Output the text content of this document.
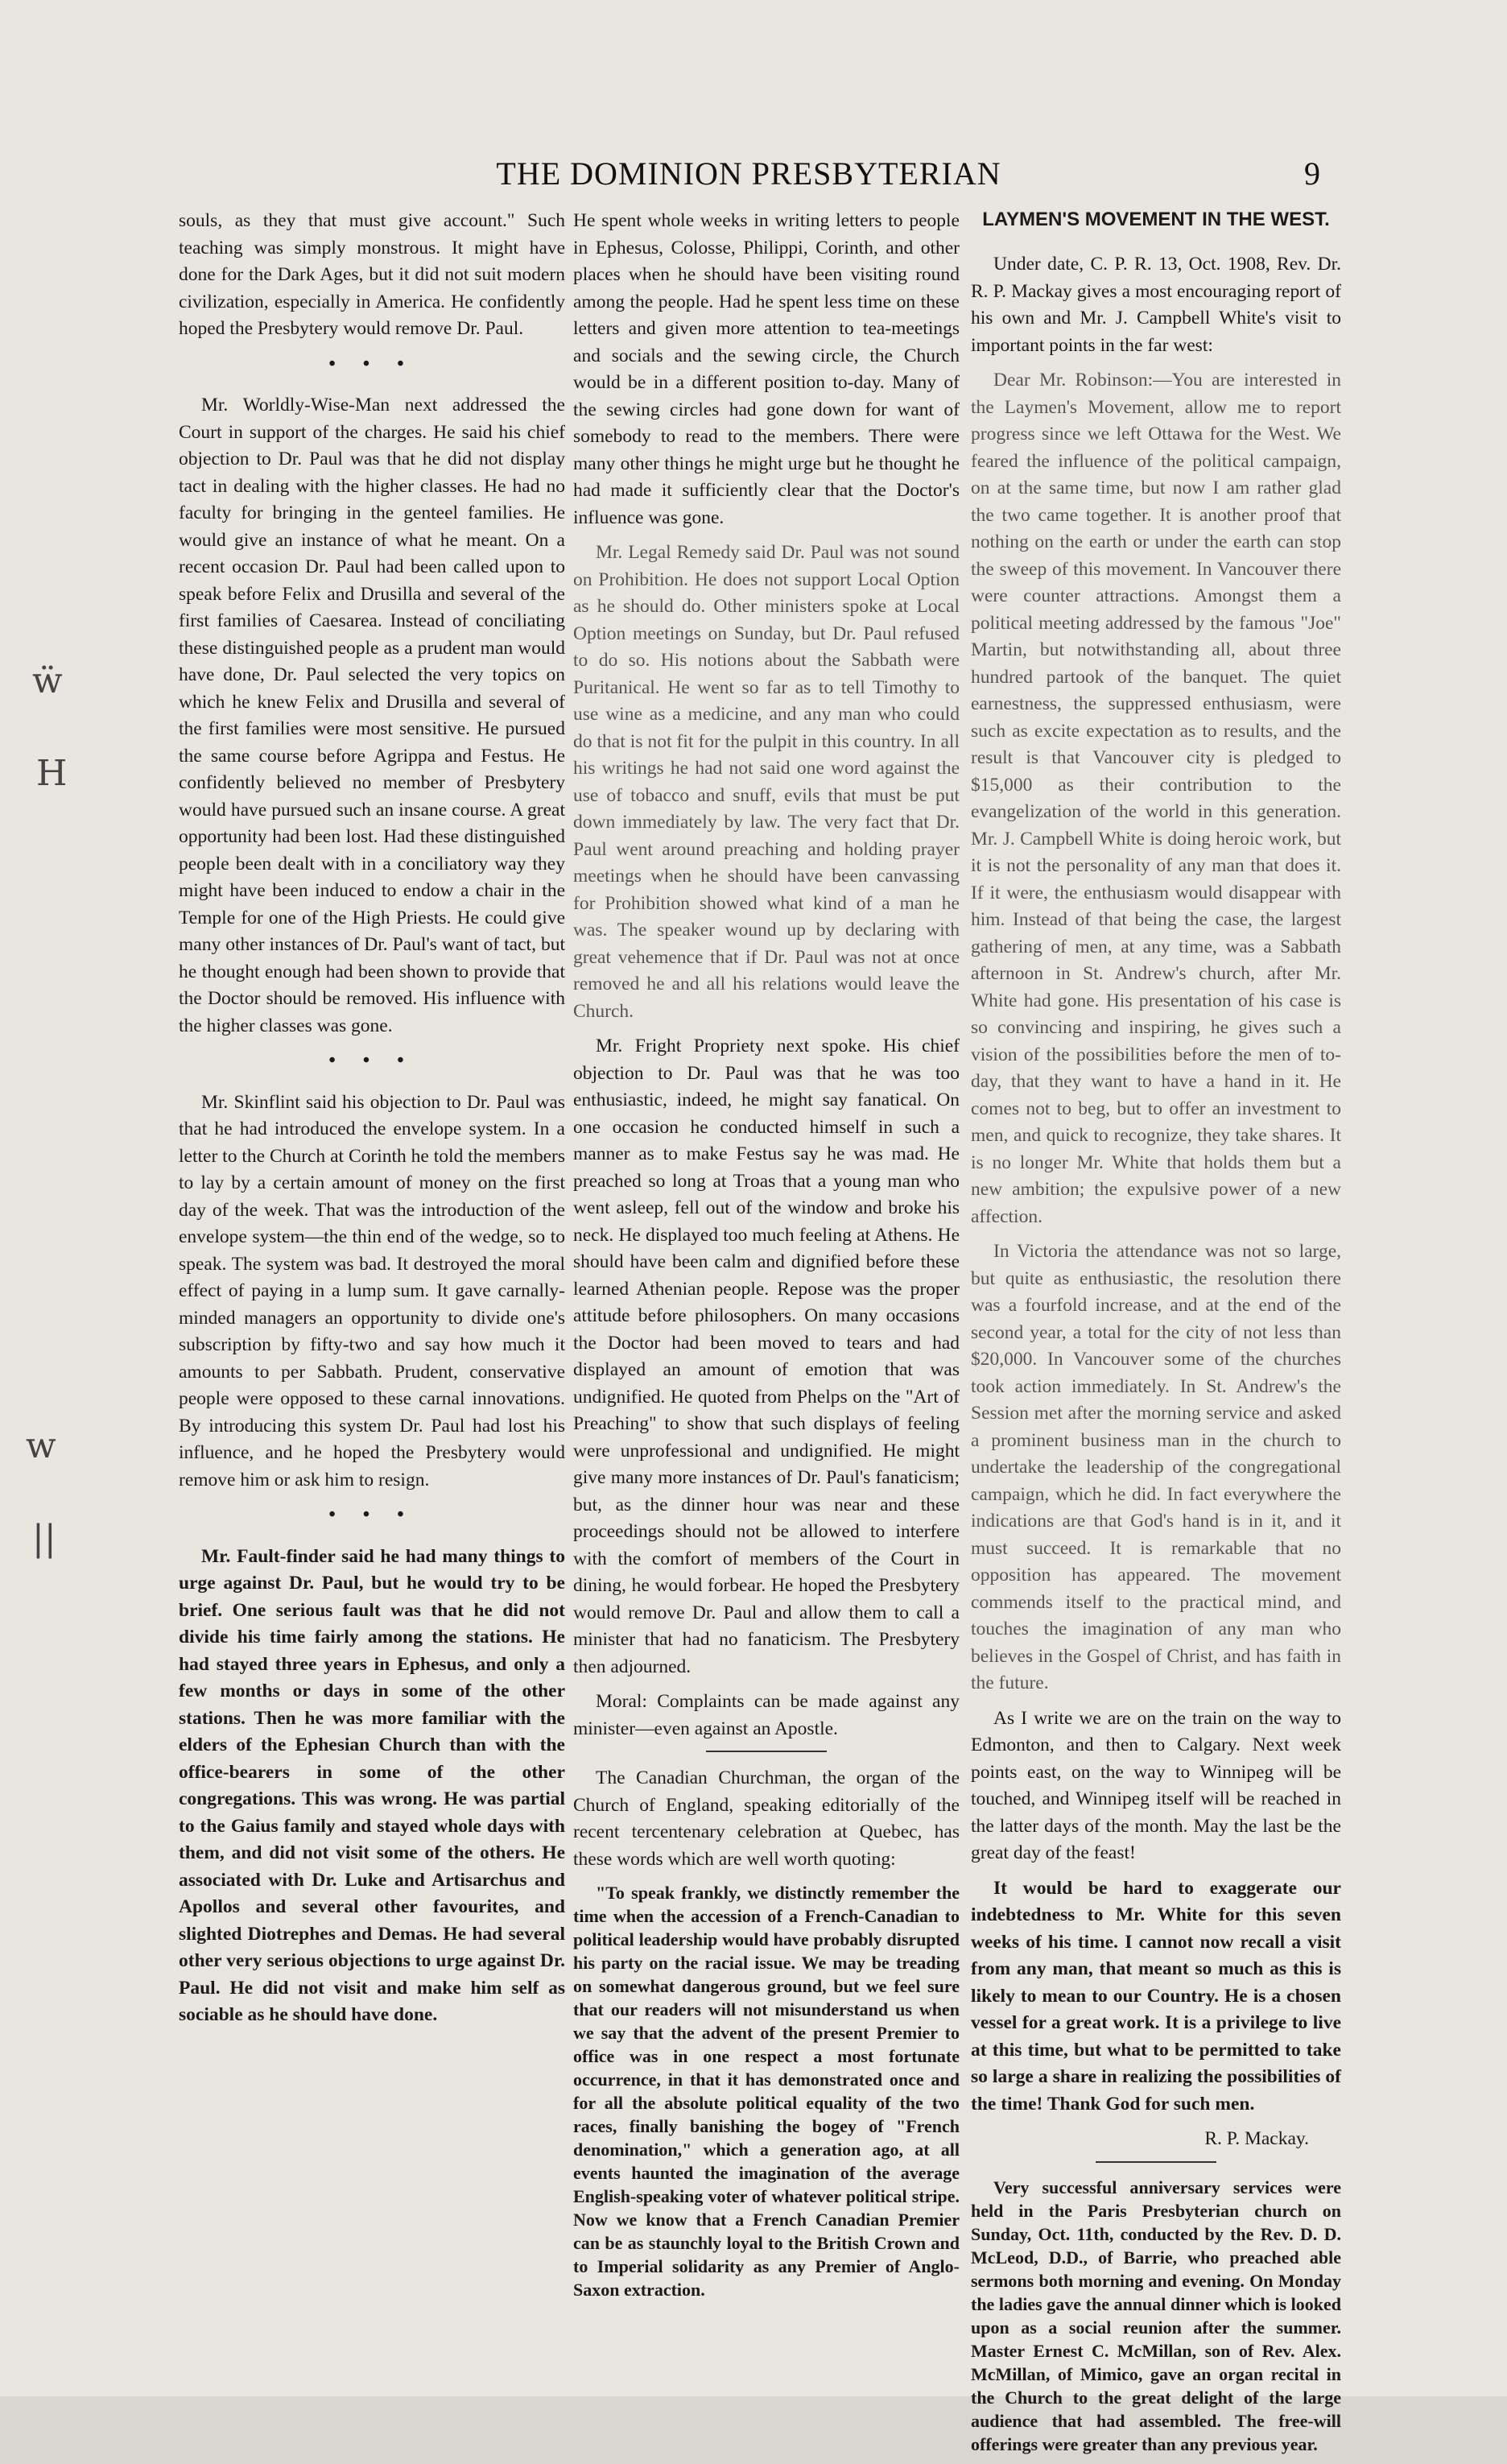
THE DOMINION PRESBYTERIAN	9
ẅ
H
w
||

souls, as they that must give account." Such teaching was simply monstrous. It might have done for the Dark Ages, but it did not suit modern civilization, especially in America. He confidently hoped the Presbytery would remove Dr. Paul.

• • •

Mr. Worldly-Wise-Man next addressed the Court in support of the charges. He said his chief objection to Dr. Paul was that he did not display tact in dealing with the higher classes. He had no faculty for bringing in the genteel families. He would give an instance of what he meant. On a recent occasion Dr. Paul had been called upon to speak before Felix and Drusilla and several of the first families of Caesarea. Instead of conciliating these distinguished people as a prudent man would have done, Dr. Paul selected the very topics on which he knew Felix and Drusilla and several of the first families were most sensitive. He pursued the same course before Agrippa and Festus. He confidently believed no member of Presbytery would have pursued such an insane course. A great opportunity had been lost. Had these distinguished people been dealt with in a conciliatory way they might have been induced to endow a chair in the Temple for one of the High Priests. He could give many other instances of Dr. Paul's want of tact, but he thought enough had been shown to provide that the Doctor should be removed. His influence with the higher classes was gone.

• • •

Mr. Skinflint said his objection to Dr. Paul was that he had introduced the envelope system. In a letter to the Church at Corinth he told the members to lay by a certain amount of money on the first day of the week. That was the introduction of the envelope system—the thin end of the wedge, so to speak. The system was bad. It destroyed the moral effect of paying in a lump sum. It gave carnally-minded managers an opportunity to divide one's subscription by fifty-two and say how much it amounts to per Sabbath. Prudent, conservative people were opposed to these carnal innovations. By introducing this system Dr. Paul had lost his influence, and he hoped the Presbytery would remove him or ask him to resign.

• • •

Mr. Fault-finder said he had many things to urge against Dr. Paul, but he would try to be brief. One serious fault was that he did not divide his time fairly among the stations. He had stayed three years in Ephesus, and only a few months or days in some of the other stations. Then he was more familiar with the elders of the Ephesian Church than with the office-bearers in some of the other congregations. This was wrong. He was partial to the Gaius family and stayed whole days with them, and did not visit some of the others. He associated with Dr. Luke and Artisarchus and Apollos and several other favourites, and slighted Diotrephes and Demas. He had several other very serious objections to urge against Dr. Paul. He did not visit and make him self as sociable as he should have done.

He spent whole weeks in writing letters to people in Ephesus, Colosse, Philippi, Corinth, and other places when he should have been visiting round among the people. Had he spent less time on these letters and given more attention to tea-meetings and socials and the sewing circle, the Church would be in a different position to-day. Many of the sewing circles had gone down for want of somebody to read to the members. There were many other things he might urge but he thought he had made it sufficiently clear that the Doctor's influence was gone.

Mr. Legal Remedy said Dr. Paul was not sound on Prohibition. He does not support Local Option as he should do. Other ministers spoke at Local Option meetings on Sunday, but Dr. Paul refused to do so. His notions about the Sabbath were Puritanical. He went so far as to tell Timothy to use wine as a medicine, and any man who could do that is not fit for the pulpit in this country. In all his writings he had not said one word against the use of tobacco and snuff, evils that must be put down immediately by law. The very fact that Dr. Paul went around preaching and holding prayer meetings when he should have been canvassing for Prohibition showed what kind of a man he was. The speaker wound up by declaring with great vehemence that if Dr. Paul was not at once removed he and all his relations would leave the Church.

Mr. Fright Propriety next spoke. His chief objection to Dr. Paul was that he was too enthusiastic, indeed, he might say fanatical. On one occasion he conducted himself in such a manner as to make Festus say he was mad. He preached so long at Troas that a young man who went asleep, fell out of the window and broke his neck. He displayed too much feeling at Athens. He should have been calm and dignified before these learned Athenian people. Repose was the proper attitude before philosophers. On many occasions the Doctor had been moved to tears and had displayed an amount of emotion that was undignified. He quoted from Phelps on the "Art of Preaching" to show that such displays of feeling were unprofessional and undignified. He might give many more instances of Dr. Paul's fanaticism; but, as the dinner hour was near and these proceedings should not be allowed to interfere with the comfort of members of the Court in dining, he would forbear. He hoped the Presbytery would remove Dr. Paul and allow them to call a minister that had no fanaticism. The Presbytery then adjourned.

Moral: Complaints can be made against any minister—even against an Apostle.

The Canadian Churchman, the organ of the Church of England, speaking editorially of the recent tercentenary celebration at Quebec, has these words which are well worth quoting:

"To speak frankly, we distinctly remember the time when the accession of a French-Canadian to political leadership would have probably disrupted his party on the racial issue. We may be treading on somewhat dangerous ground, but we feel sure that our readers will not misunderstand us when we say that the advent of the present Premier to office was in one respect a most fortunate occurrence, in that it has demonstrated once and for all the absolute political equality of the two races, finally banishing the bogey of "French denomination," which a generation ago, at all events haunted the imagination of the average English-speaking voter of whatever political stripe. Now we know that a French Canadian Premier can be as staunchly loyal to the British Crown and to Imperial solidarity as any Premier of Anglo-Saxon extraction.

LAYMEN'S MOVEMENT IN THE WEST.

Under date, C. P. R. 13, Oct. 1908, Rev. Dr. R. P. Mackay gives a most encouraging report of his own and Mr. J. Campbell White's visit to important points in the far west:

Dear Mr. Robinson:—You are interested in the Laymen's Movement, allow me to report progress since we left Ottawa for the West. We feared the influence of the political campaign, on at the same time, but now I am rather glad the two came together. It is another proof that nothing on the earth or under the earth can stop the sweep of this movement. In Vancouver there were counter attractions. Amongst them a political meeting addressed by the famous "Joe" Martin, but notwithstanding all, about three hundred partook of the banquet. The quiet earnestness, the suppressed enthusiasm, were such as excite expectation as to results, and the result is that Vancouver city is pledged to $15,000 as their contribution to the evangelization of the world in this generation. Mr. J. Campbell White is doing heroic work, but it is not the personality of any man that does it. If it were, the enthusiasm would disappear with him. Instead of that being the case, the largest gathering of men, at any time, was a Sabbath afternoon in St. Andrew's church, after Mr. White had gone. His presentation of his case is so convincing and inspiring, he gives such a vision of the possibilities before the men of to-day, that they want to have a hand in it. He comes not to beg, but to offer an investment to men, and quick to recognize, they take shares. It is no longer Mr. White that holds them but a new ambition; the expulsive power of a new affection.

In Victoria the attendance was not so large, but quite as enthusiastic, the resolution there was a fourfold increase, and at the end of the second year, a total for the city of not less than $20,000. In Vancouver some of the churches took action immediately. In St. Andrew's the Session met after the morning service and asked a prominent business man in the church to undertake the leadership of the congregational campaign, which he did. In fact everywhere the indications are that God's hand is in it, and it must succeed. It is remarkable that no opposition has appeared. The movement commends itself to the practical mind, and touches the imagination of any man who believes in the Gospel of Christ, and has faith in the future.

As I write we are on the train on the way to Edmonton, and then to Calgary. Next week points east, on the way to Winnipeg will be touched, and Winnipeg itself will be reached in the latter days of the month. May the last be the great day of the feast!

It would be hard to exaggerate our indebtedness to Mr. White for this seven weeks of his time. I cannot now recall a visit from any man, that meant so much as this is likely to mean to our Country. He is a chosen vessel for a great work. It is a privilege to live at this time, but what to be permitted to take so large a share in realizing the possibilities of the time! Thank God for such men.

R. P. Mackay.

Very successful anniversary services were held in the Paris Presbyterian church on Sunday, Oct. 11th, conducted by the Rev. D. D. McLeod, D.D., of Barrie, who preached able sermons both morning and evening. On Monday the ladies gave the annual dinner which is looked upon as a social reunion after the summer. Master Ernest C. McMillan, son of Rev. Alex. McMillan, of Mimico, gave an organ recital in the Church to the great delight of the large audience that had assembled. The free-will offerings were greater than any previous year.
